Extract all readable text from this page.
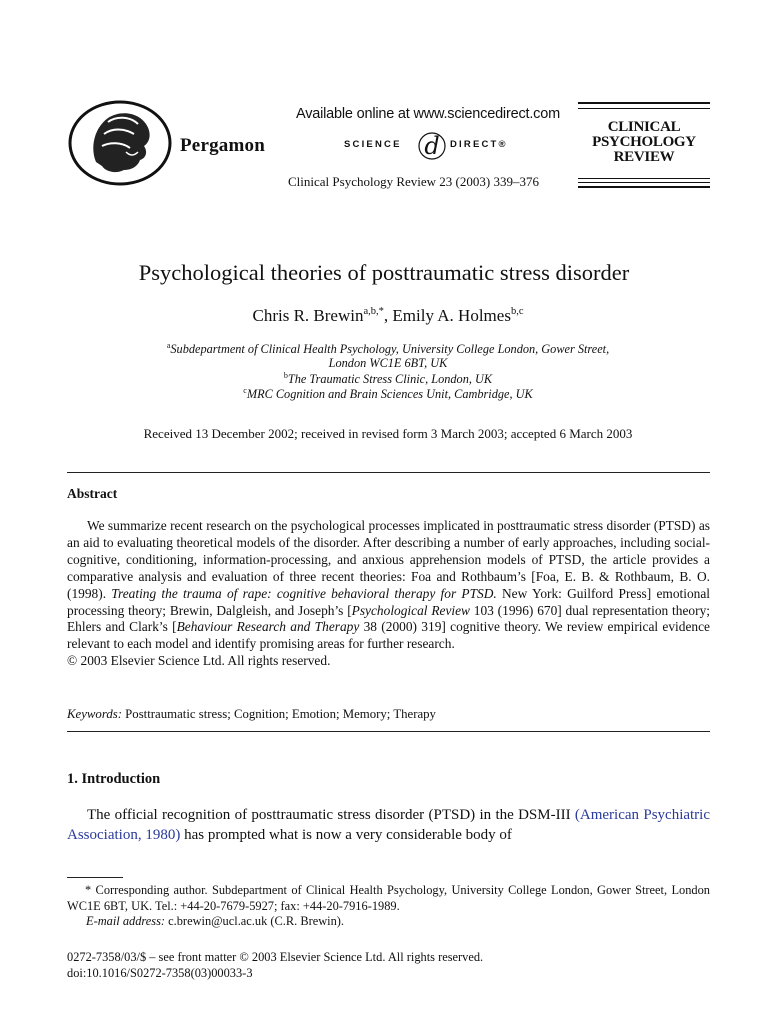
Pergamon
Available online at www.sciencedirect.com
SCIENCE d DIRECT®
Clinical Psychology Review 23 (2003) 339–376
CLINICAL
PSYCHOLOGY
REVIEW
Psychological theories of posttraumatic stress disorder
Chris R. Brewin$^{a,b,*}$, Emily A. Holmes$^{b,c}$
$^a$Subdepartment of Clinical Health Psychology, University College London, Gower Street,
London WC1E 6BT, UK
$^b$The Traumatic Stress Clinic, London, UK
$^c$MRC Cognition and Brain Sciences Unit, Cambridge, UK
Received 13 December 2002; received in revised form 3 March 2003; accepted 6 March 2003
Abstract
We summarize recent research on the psychological processes implicated in posttraumatic stress disorder (PTSD) as an aid to evaluating theoretical models of the disorder. After describing a number of early approaches, including social-cognitive, conditioning, information-processing, and anxious apprehension models of PTSD, the article provides a comparative analysis and evaluation of three recent theories: Foa and Rothbaum’s [Foa, E. B. & Rothbaum, B. O. (1998). Treating the trauma of rape: cognitive behavioral therapy for PTSD. New York: Guilford Press] emotional processing theory; Brewin, Dalgleish, and Joseph’s [Psychological Review 103 (1996) 670] dual representation theory; Ehlers and Clark’s [Behaviour Research and Therapy 38 (2000) 319] cognitive theory. We review empirical evidence relevant to each model and identify promising areas for further research.
© 2003 Elsevier Science Ltd. All rights reserved.
Keywords: Posttraumatic stress; Cognition; Emotion; Memory; Therapy
1. Introduction
The official recognition of posttraumatic stress disorder (PTSD) in the DSM-III (American Psychiatric Association, 1980) has prompted what is now a very considerable body of
* Corresponding author. Subdepartment of Clinical Health Psychology, University College London, Gower Street, London WC1E 6BT, UK. Tel.: +44-20-7679-5927; fax: +44-20-7916-1989.
E-mail address: c.brewin@ucl.ac.uk (C.R. Brewin).
0272-7358/03/$ – see front matter © 2003 Elsevier Science Ltd. All rights reserved.
doi:10.1016/S0272-7358(03)00033-3
